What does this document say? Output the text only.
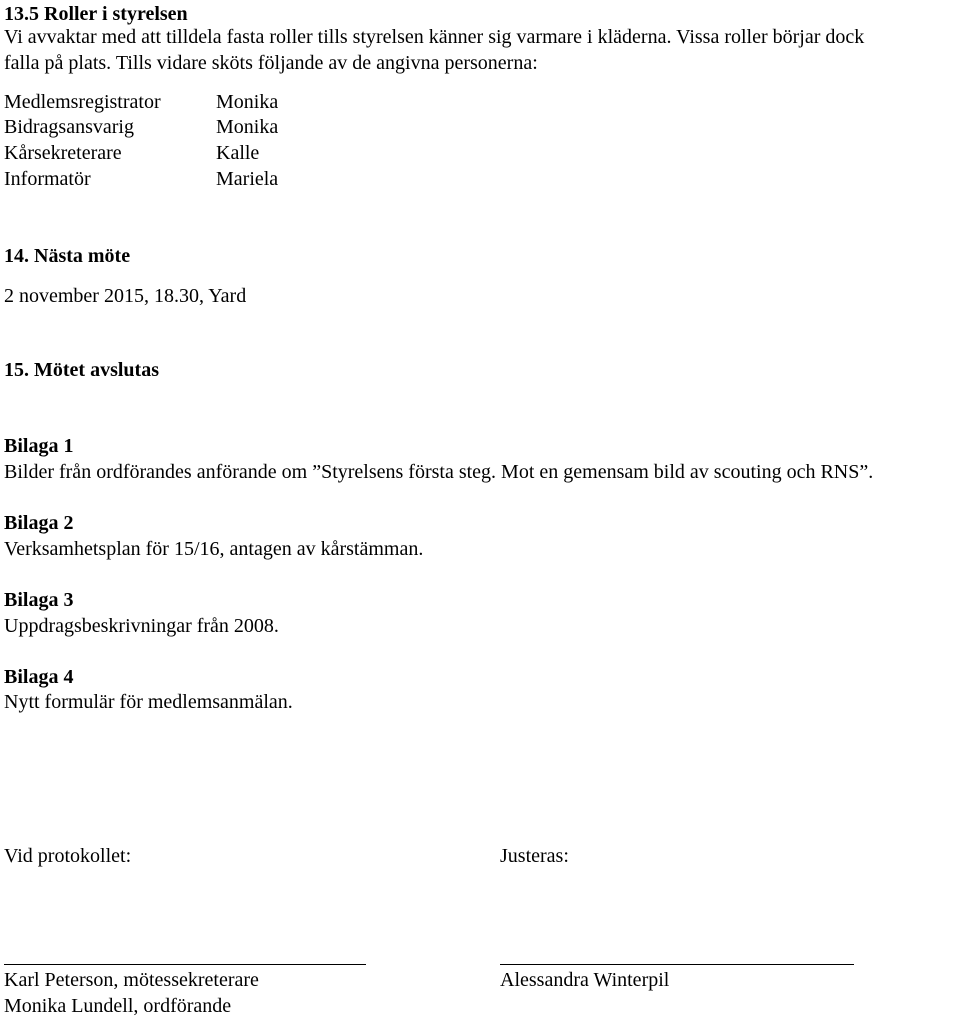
13.5 Roller i styrelsen
Vi avvaktar med att tilldela fasta roller tills styrelsen känner sig varmare i kläderna. Vissa roller börjar dock
falla på plats. Tills vidare sköts följande av de angivna personerna:
Medlemsregistrator	Monika
Bidragsansvarig	Monika
Kårsekreterare	Kalle
Informatör	Mariela
14. Nästa möte
2 november 2015, 18.30, Yard
15. Mötet avslutas
Bilaga 1
Bilder från ordförandes anförande om ”Styrelsens första steg. Mot en gemensam bild av scouting och RNS”.
Bilaga 2
Verksamhetsplan för 15/16, antagen av kårstämman.
Bilaga 3
Uppdragsbeskrivningar från 2008.
Bilaga 4
Nytt formulär för medlemsanmälan.
Vid protokollet:	Justeras:
Karl Peterson, mötessekreterare
Monika Lundell, ordförande
Alessandra Winterpil
